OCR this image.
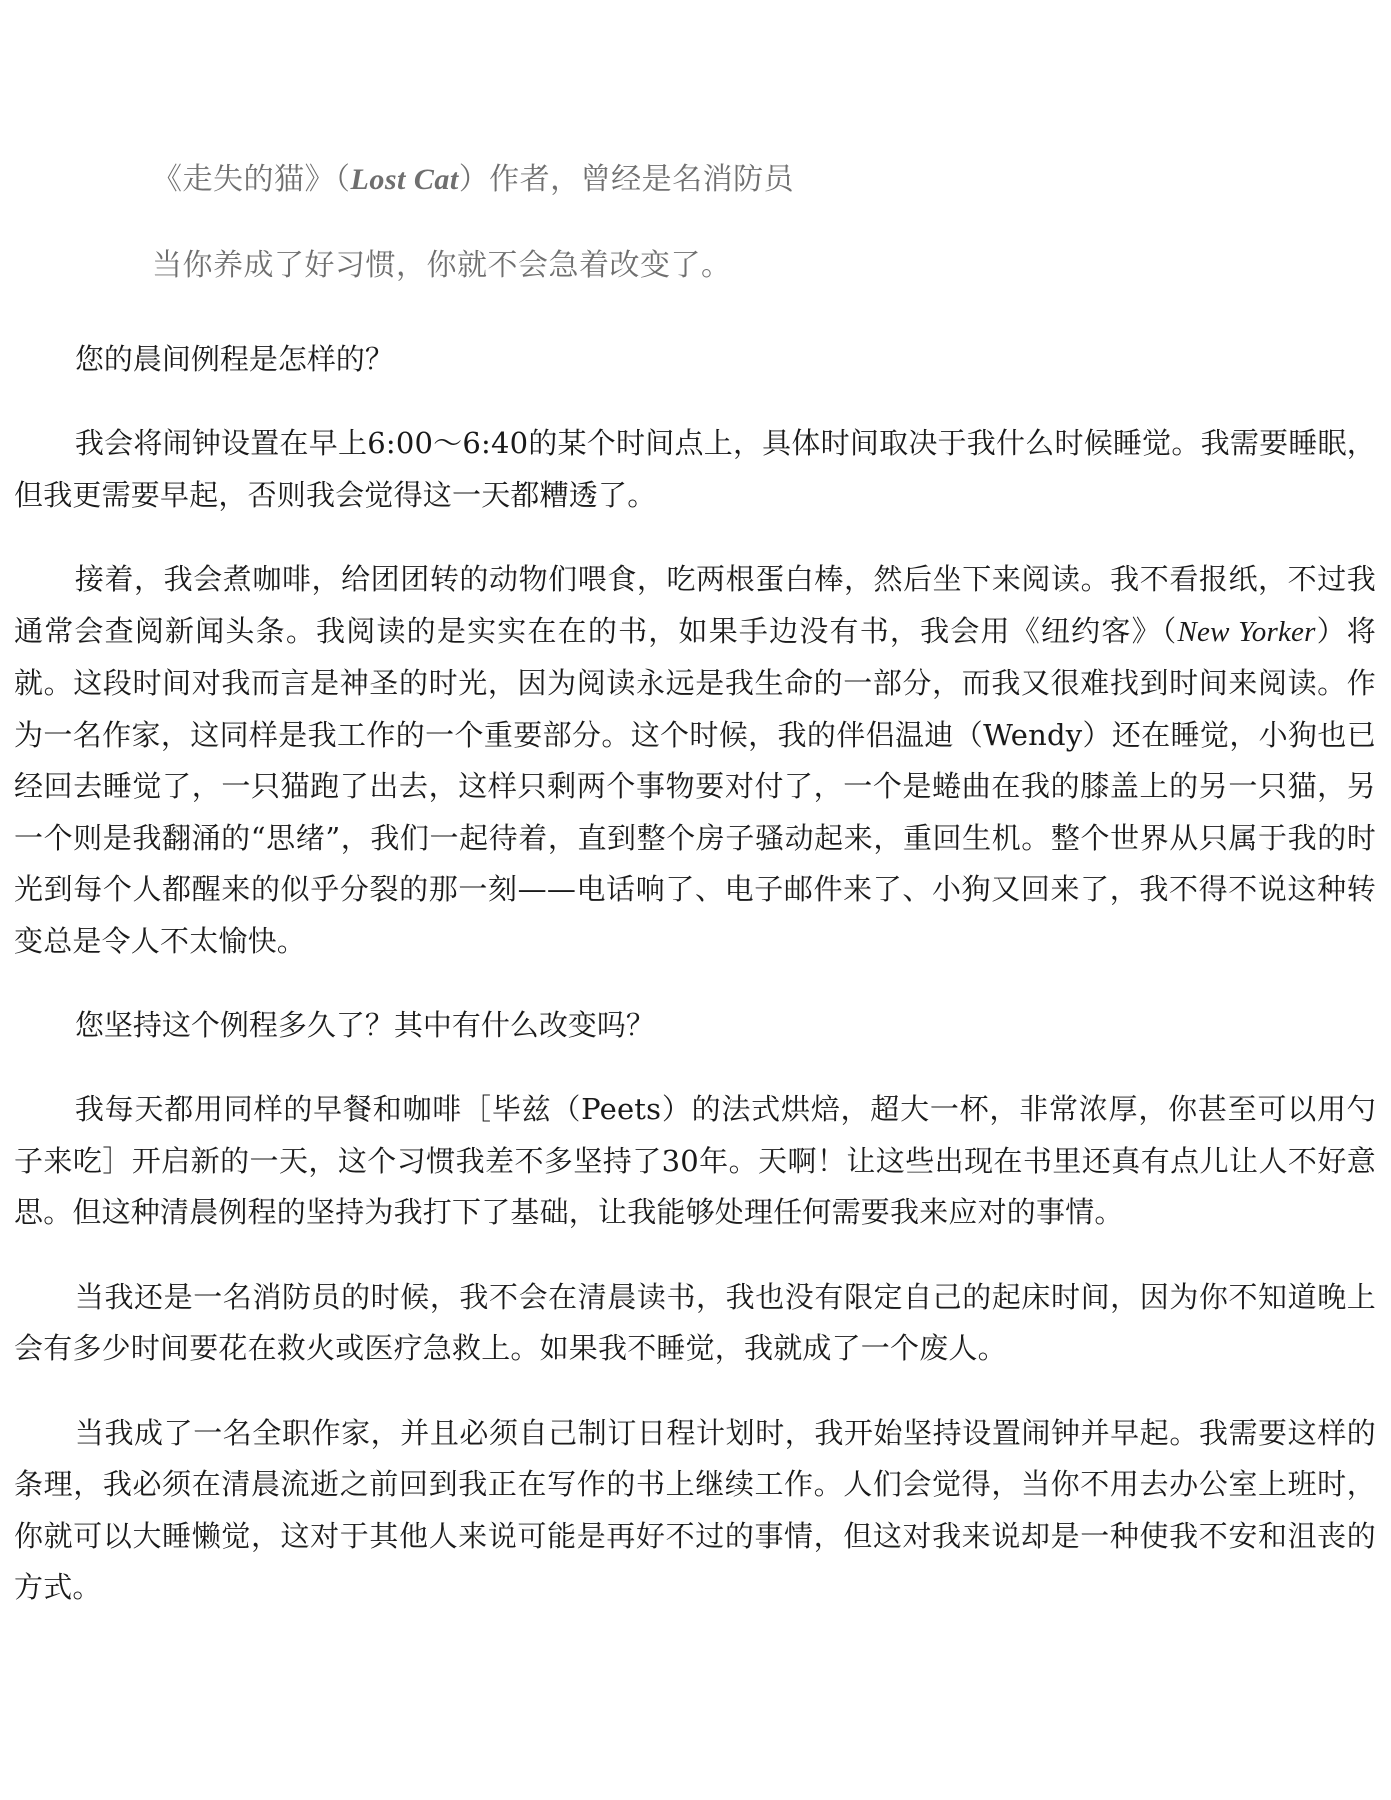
《走失的猫》（Lost Cat）作者，曾经是名消防员
当你养成了好习惯，你就不会急着改变了。

您的晨间例程是怎样的？

我会将闹钟设置在早上6:00～6:40的某个时间点上，具体时间取决于我什么时候睡觉。我需要睡眠，但我更需要早起，否则我会觉得这一天都糟透了。

接着，我会煮咖啡，给团团转的动物们喂食，吃两根蛋白棒，然后坐下来阅读。我不看报纸，不过我通常会查阅新闻头条。我阅读的是实实在在的书，如果手边没有书，我会用《纽约客》（New Yorker）将就。这段时间对我而言是神圣的时光，因为阅读永远是我生命的一部分，而我又很难找到时间来阅读。作为一名作家，这同样是我工作的一个重要部分。这个时候，我的伴侣温迪（Wendy）还在睡觉，小狗也已经回去睡觉了，一只猫跑了出去，这样只剩两个事物要对付了，一个是蜷曲在我的膝盖上的另一只猫，另一个则是我翻涌的“思绪”，我们一起待着，直到整个房子骚动起来，重回生机。整个世界从只属于我的时光到每个人都醒来的似乎分裂的那一刻——电话响了、电子邮件来了、小狗又回来了，我不得不说这种转变总是令人不太愉快。

您坚持这个例程多久了？其中有什么改变吗？

我每天都用同样的早餐和咖啡［毕兹（Peets）的法式烘焙，超大一杯，非常浓厚，你甚至可以用勺子来吃］开启新的一天，这个习惯我差不多坚持了30年。天啊！让这些出现在书里还真有点儿让人不好意思。但这种清晨例程的坚持为我打下了基础，让我能够处理任何需要我来应对的事情。

当我还是一名消防员的时候，我不会在清晨读书，我也没有限定自己的起床时间，因为你不知道晚上会有多少时间要花在救火或医疗急救上。如果我不睡觉，我就成了一个废人。

当我成了一名全职作家，并且必须自己制订日程计划时，我开始坚持设置闹钟并早起。我需要这样的条理，我必须在清晨流逝之前回到我正在写作的书上继续工作。人们会觉得，当你不用去办公室上班时，你就可以大睡懒觉，这对于其他人来说可能是再好不过的事情，但这对我来说却是一种使我不安和沮丧的方式。
